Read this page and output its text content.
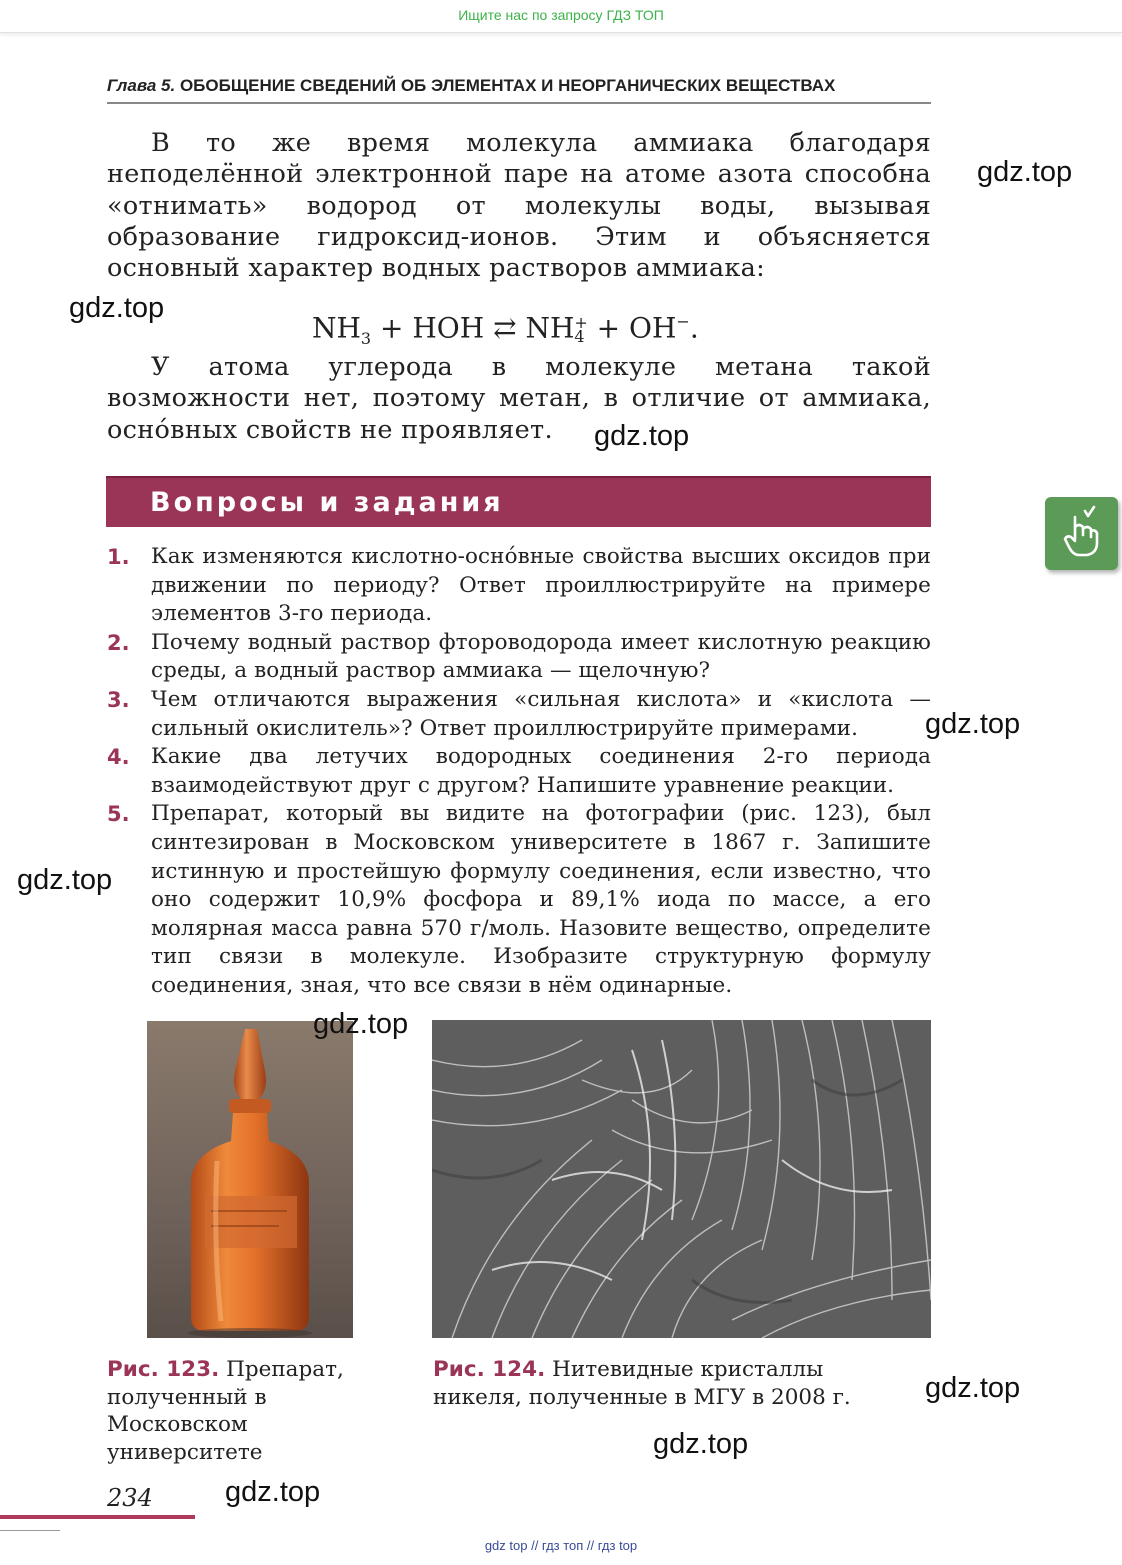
Ищите нас по запросу ГДЗ ТОП
Глава 5. ОБОБЩЕНИЕ СВЕДЕНИЙ ОБ ЭЛЕМЕНТАХ И НЕОРГАНИЧЕСКИХ ВЕЩЕСТВАХ
В то же время молекула аммиака благодаря неподелённой электронной паре на атоме азота способна «отнимать» водород от молекулы воды, вызывая образование гидроксид-ионов. Этим и объясняется основный характер водных растворов аммиака:
$NH_3$ + HOH ⇄ NH +
4 + OH−.
У атома углерода в молекуле метана такой возможности нет, поэтому метан, в отличие от аммиака, оснóвных свойств не проявляет.
Вопросы и задания
1. Как изменяются кислотно-оснóвные свойства высших оксидов при движении по периоду? Ответ проиллюстрируйте на примере элементов 3-го периода.
2. Почему водный раствор фтороводорода имеет кислотную реакцию среды, а водный раствор аммиака — щелочную?
3. Чем отличаются выражения «сильная кислота» и «кислота — сильный окислитель»? Ответ проиллюстрируйте примерами.
4. Какие два летучих водородных соединения 2-го периода взаимодействуют друг с другом? Напишите уравнение реакции.
5. Препарат, который вы видите на фотографии (рис. 123), был синтезирован в Московском университете в 1867 г. Запишите истинную и простейшую формулу соединения, если известно, что оно содержит 10,9% фосфора и 89,1% иода по массе, а его молярная масса равна 570 г/моль. Назовите вещество, определите тип связи в молекуле. Изобразите структурную формулу соединения, зная, что все связи в нём одинарные.
Рис. 123. Препарат, полученный в Московском университете
Рис. 124. Нитевидные кристаллы никеля, полученные в МГУ в 2008 г.
234
gdz top // гдз топ // гдз top
gdz.top
gdz.top
gdz.top
gdz.top
gdz.top
gdz.top
gdz.top
gdz.top
gdz.top
